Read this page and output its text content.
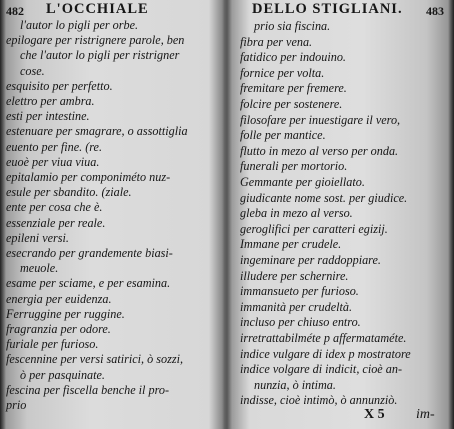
482 L'OCCHIALE
l'autor lo pigli per orbe.
epilogare per ristrignere parole, ben
che l'autor lo pigli per ristrigner
cose.
esquisito per perfetto.
elettro per ambra.
esti per intestine.
estenuare per smagrare, o assottiglia
euento per fine. (re.
euoè per viua viua.
epitalamio per componiméto nuz-
esule per sbandito. (ziale.
ente per cosa che è.
essenziale per reale.
epileni versi.
esecrando per grandemente biasi-
meuole.
esame per sciame, e per esamina.
energia per euidenza.
Ferruggine per ruggine.
fragranzia per odore.
furiale per furioso.
fescennine per versi satirici, ò sozzi,
ò per pasquinate.
fescina per fiscella benche il pro-
prio
DELLO STIGLIANI. 483
prio sia fiscina.
fibra per vena.
fatidico per indouino.
fornice per volta.
fremitare per fremere.
folcire per sostenere.
filosofare per inuestigare il vero,
folle per mantice.
flutto in mezo al verso per onda.
funerali per mortorio.
Gemmante per gioiellato.
giudicante nome sost. per giudice.
gleba in mezo al verso.
geroglifici per caratteri egizij.
Immane per crudele.
ingeminare per raddoppiare.
illudere per schernire.
immansueto per furioso.
immanità per crudeltà.
incluso per chiuso entro.
irretrattabilméte p affermataméte.
indice vulgare di idex p mostratore
indice volgare di indicit, cioè an-
nunzia, ò intima.
indisse, cioè intimò, ò annunziò.
X 5 im-
